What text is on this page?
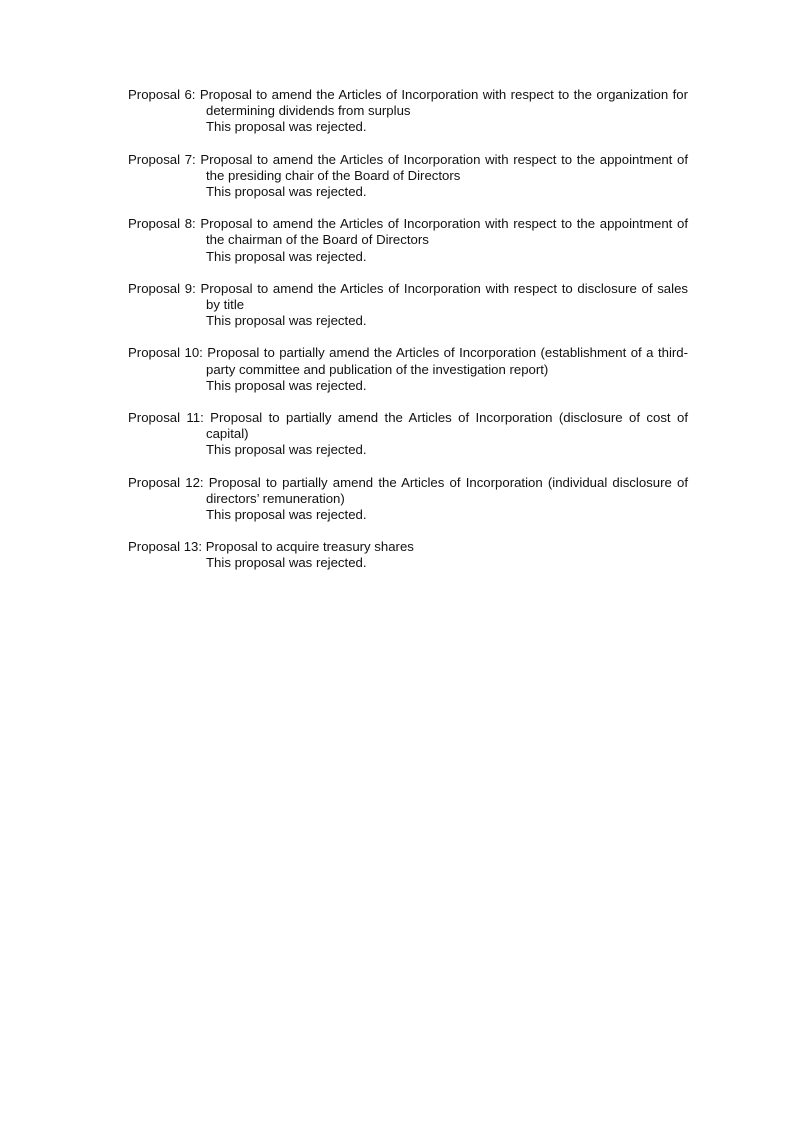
Proposal 6: Proposal to amend the Articles of Incorporation with respect to the organization for determining dividends from surplus
This proposal was rejected.
Proposal 7: Proposal to amend the Articles of Incorporation with respect to the appointment of the presiding chair of the Board of Directors
This proposal was rejected.
Proposal 8: Proposal to amend the Articles of Incorporation with respect to the appointment of the chairman of the Board of Directors
This proposal was rejected.
Proposal 9: Proposal to amend the Articles of Incorporation with respect to disclosure of sales by title
This proposal was rejected.
Proposal 10: Proposal to partially amend the Articles of Incorporation (establishment of a third-party committee and publication of the investigation report)
This proposal was rejected.
Proposal 11: Proposal to partially amend the Articles of Incorporation (disclosure of cost of capital)
This proposal was rejected.
Proposal 12: Proposal to partially amend the Articles of Incorporation (individual disclosure of directors’ remuneration)
This proposal was rejected.
Proposal 13: Proposal to acquire treasury shares
This proposal was rejected.
